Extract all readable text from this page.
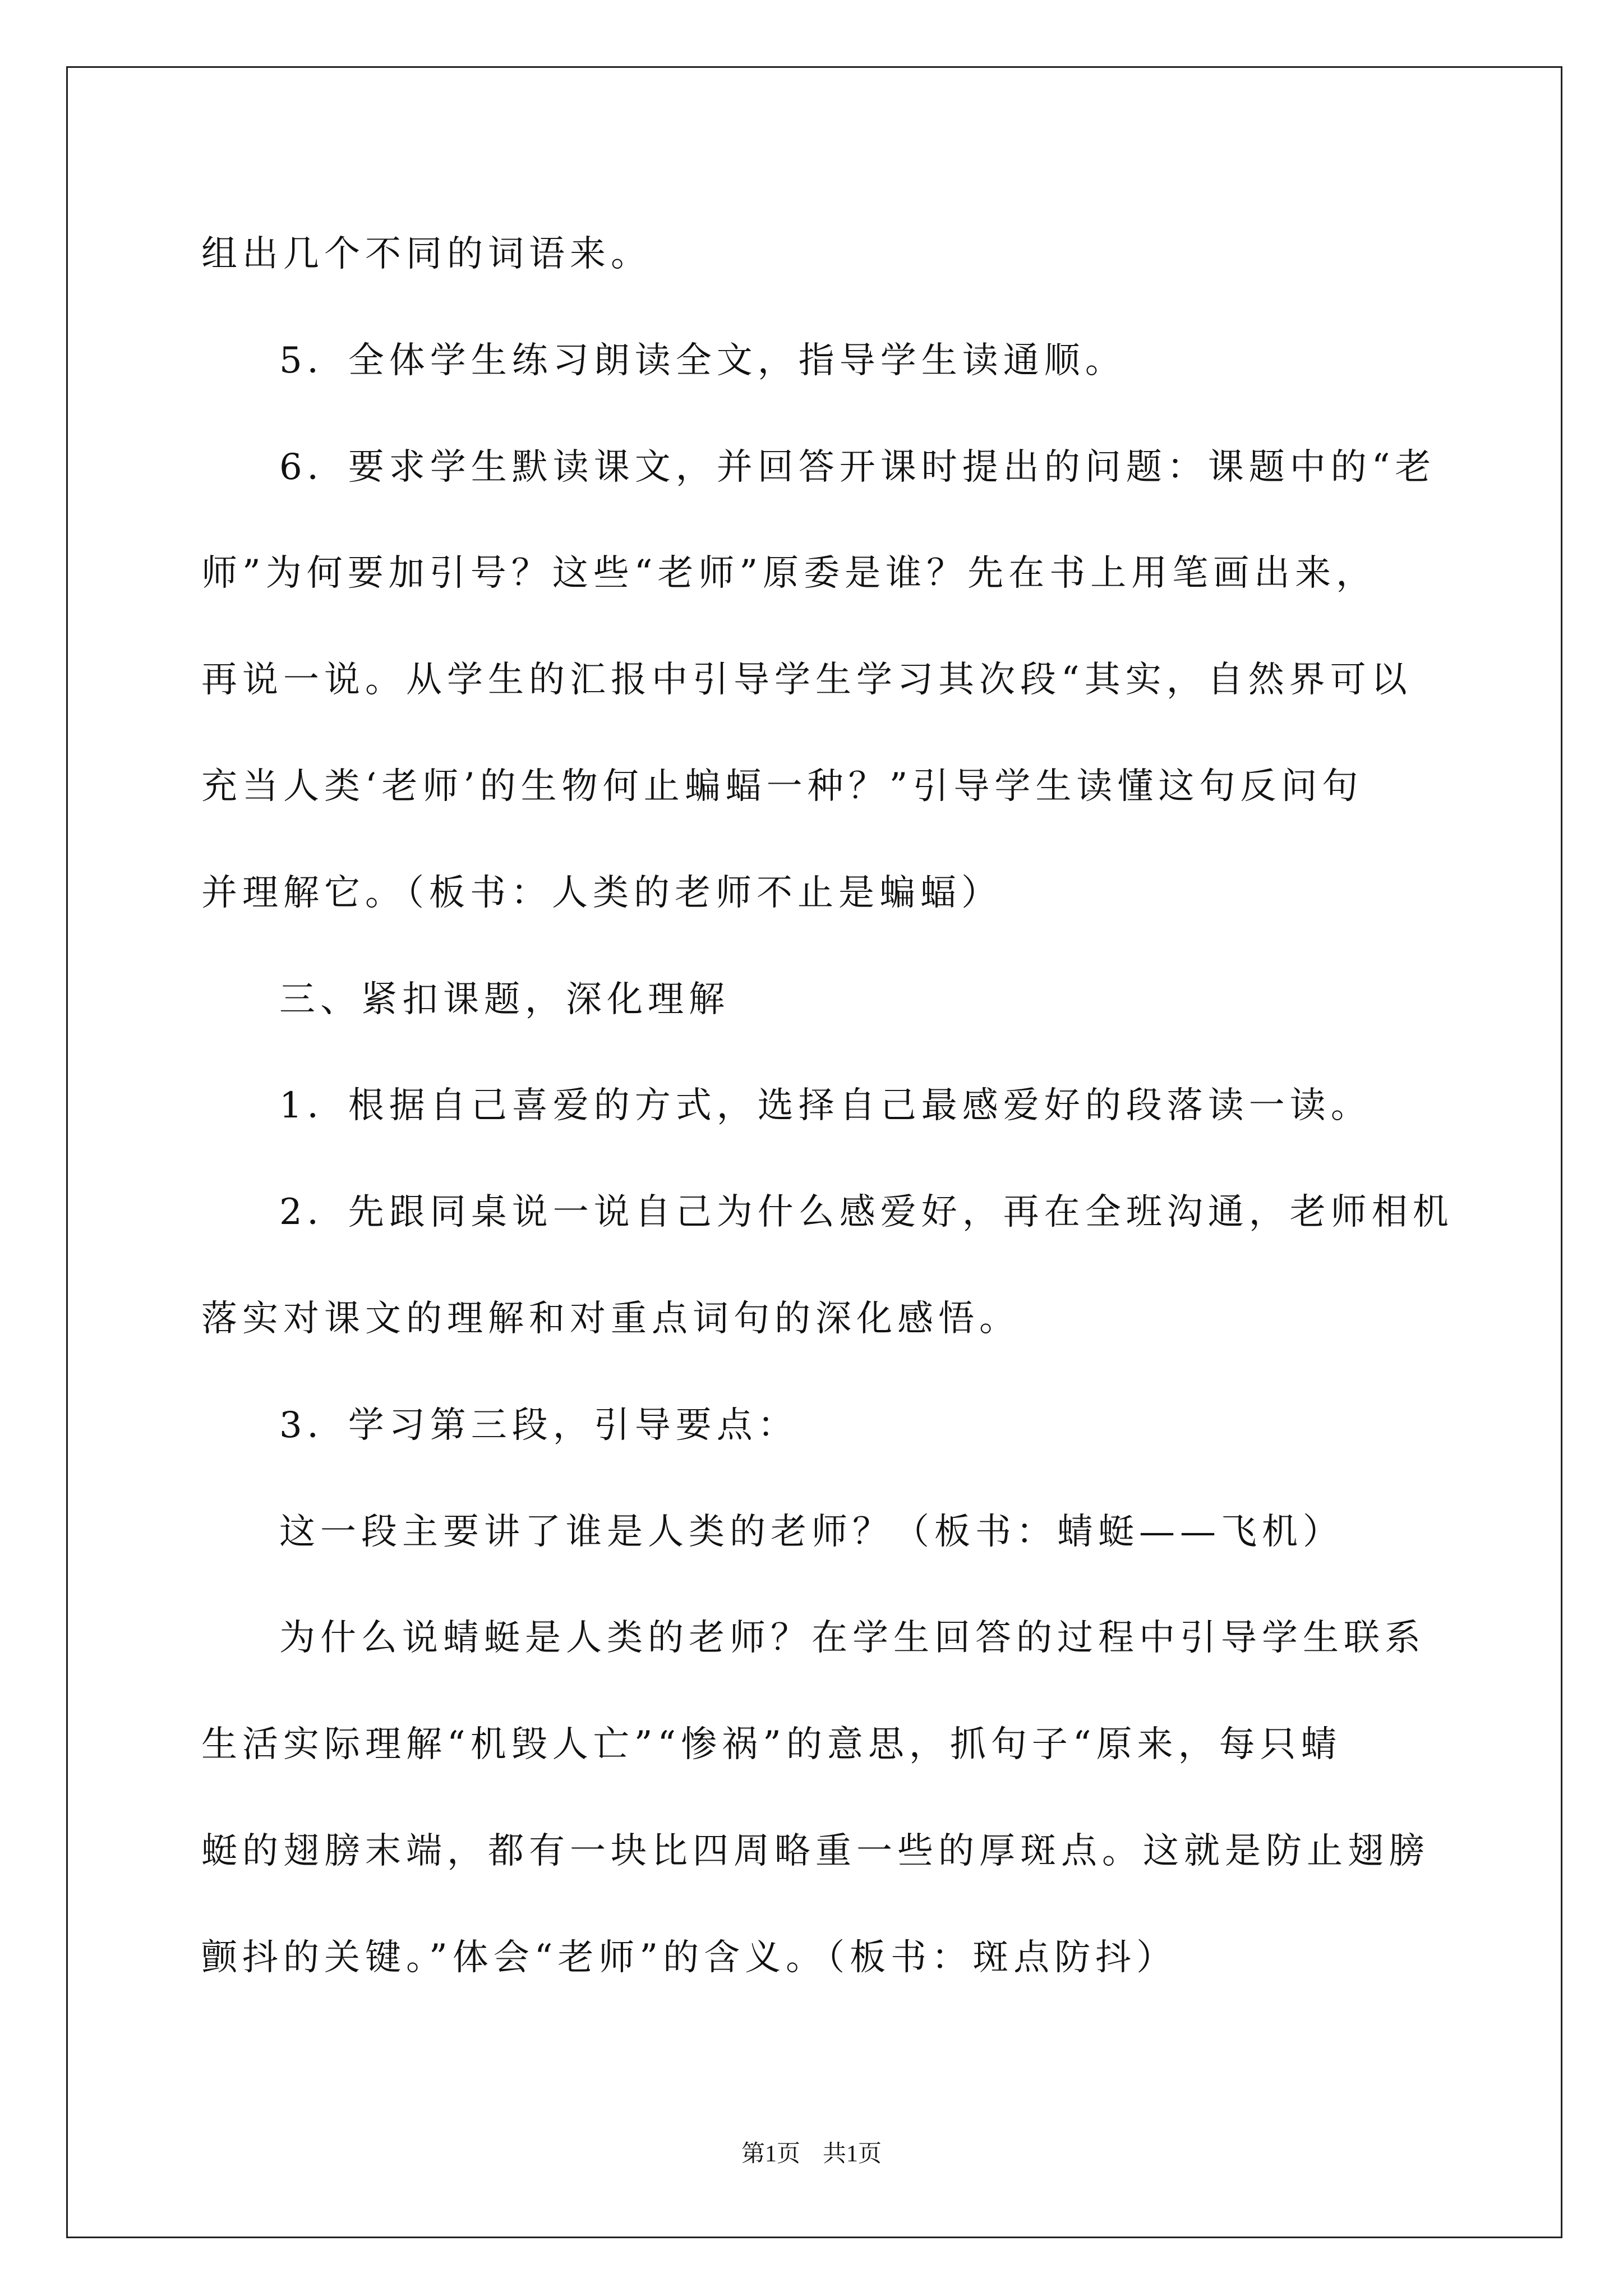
组出几个不同的词语来。
5．全体学生练习朗读全文，指导学生读通顺。
6．要求学生默读课文，并回答开课时提出的问题：课题中的“老
师”为何要加引号？这些“老师”原委是谁？先在书上用笔画出来，
再说一说。从学生的汇报中引导学生学习其次段“其实，自然界可以
充当人类‘老师’的生物何止蝙蝠一种？”引导学生读懂这句反问句
并理解它。（板书：人类的老师不止是蝙蝠）
三、紧扣课题，深化理解
1．根据自己喜爱的方式，选择自己最感爱好的段落读一读。
2．先跟同桌说一说自己为什么感爱好，再在全班沟通，老师相机
落实对课文的理解和对重点词句的深化感悟。
3．学习第三段，引导要点：
这一段主要讲了谁是人类的老师？（板书：蜻蜓——飞机）
为什么说蜻蜓是人类的老师？在学生回答的过程中引导学生联系
生活实际理解“机毁人亡”“惨祸”的意思，抓句子“原来，每只蜻
蜓的翅膀末端，都有一块比四周略重一些的厚斑点。这就是防止翅膀
颤抖的关键。”体会“老师”的含义。（板书：斑点防抖）
第1页 共1页
